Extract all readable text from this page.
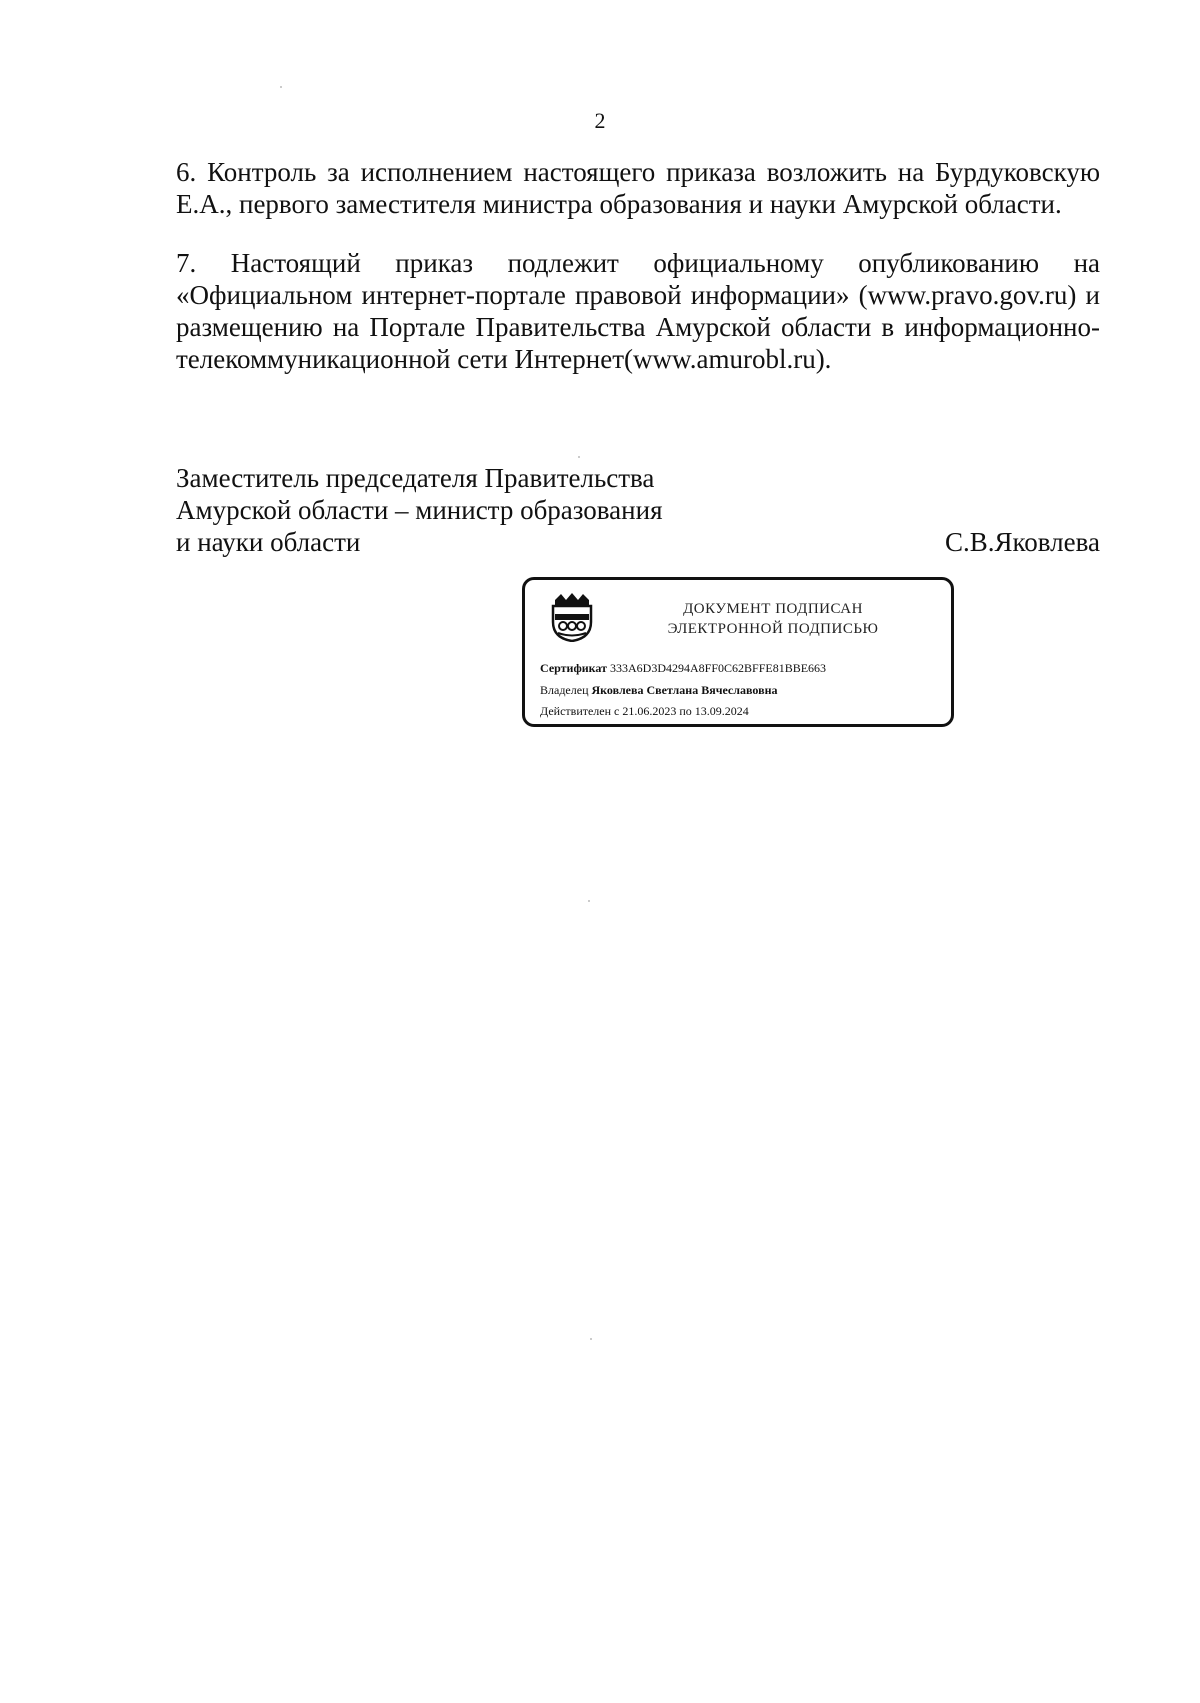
2

6. Контроль за исполнением настоящего приказа возложить на Бурдуковскую Е.А., первого заместителя министра образования и науки Амурской области.

7. Настоящий приказ подлежит официальному опубликованию на «Официальном интернет-портале правовой информации» (www.pravo.gov.ru) и размещению на Портале Правительства Амурской области в информационно-телекоммуникационной сети Интернет(www.amurobl.ru).

Заместитель председателя Правительства
Амурской области – министр образования
и науки области	С.В.Яковлева
ДОКУМЕНТ ПОДПИСАН
ЭЛЕКТРОННОЙ ПОДПИСЬЮ
Сертификат 333A6D3D4294A8FF0C62BFFE81BBE663
Владелец Яковлева Светлана Вячеславовна
Действителен с 21.06.2023 по 13.09.2024
